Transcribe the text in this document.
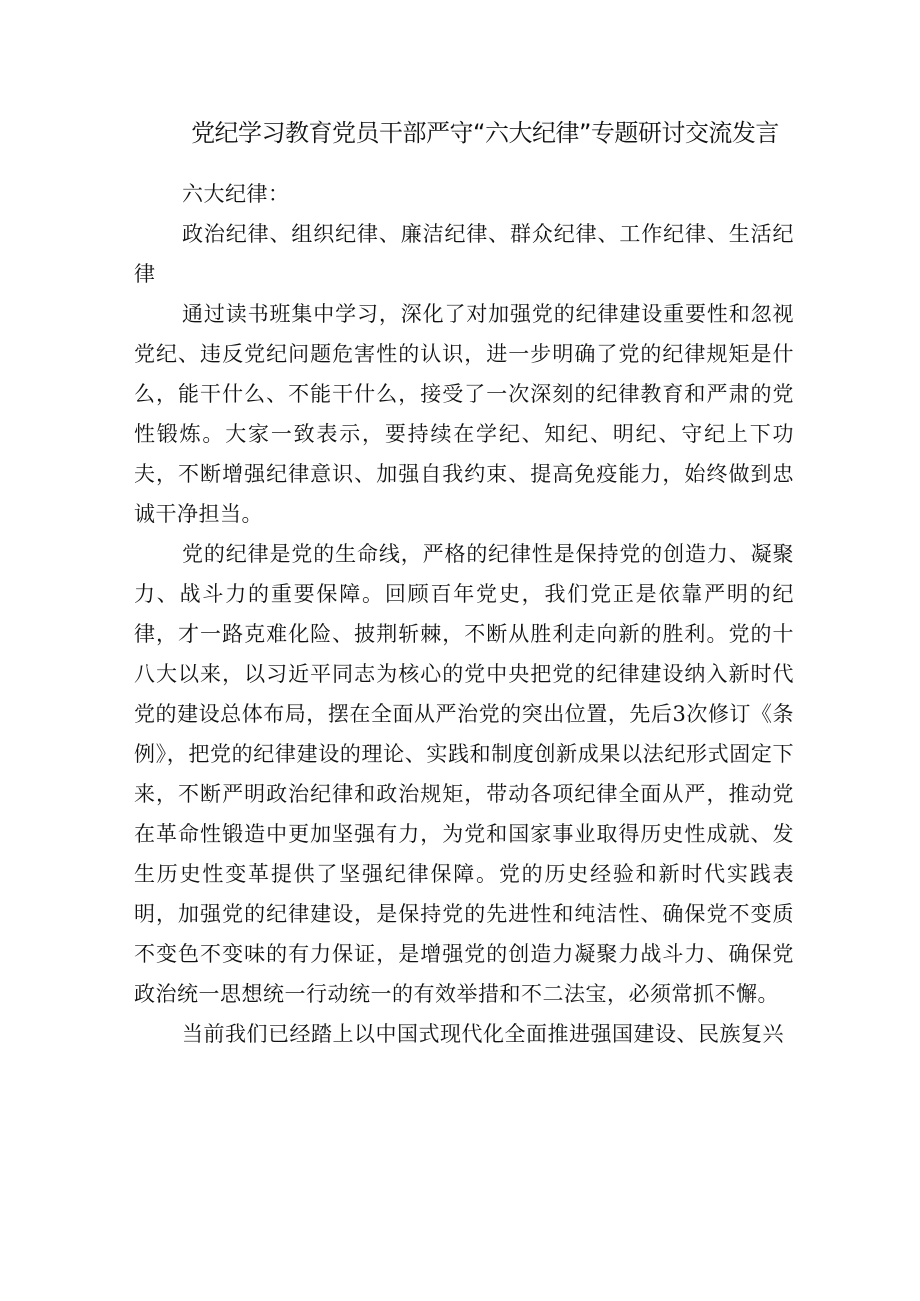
党纪学习教育党员干部严守“六大纪律”专题研讨交流发言

六大纪律：

政治纪律、组织纪律、廉洁纪律、群众纪律、工作纪律、生活纪律

通过读书班集中学习，深化了对加强党的纪律建设重要性和忽视党纪、违反党纪问题危害性的认识，进一步明确了党的纪律规矩是什么，能干什么、不能干什么，接受了一次深刻的纪律教育和严肃的党性锻炼。大家一致表示，要持续在学纪、知纪、明纪、守纪上下功夫，不断增强纪律意识、加强自我约束、提高免疫能力，始终做到忠诚干净担当。

党的纪律是党的生命线，严格的纪律性是保持党的创造力、凝聚力、战斗力的重要保障。回顾百年党史，我们党正是依靠严明的纪律，才一路克难化险、披荆斩棘，不断从胜利走向新的胜利。党的十八大以来，以习近平同志为核心的党中央把党的纪律建设纳入新时代党的建设总体布局，摆在全面从严治党的突出位置，先后3次修订《条例》，把党的纪律建设的理论、实践和制度创新成果以法纪形式固定下来，不断严明政治纪律和政治规矩，带动各项纪律全面从严，推动党在革命性锻造中更加坚强有力，为党和国家事业取得历史性成就、发生历史性变革提供了坚强纪律保障。党的历史经验和新时代实践表明，加强党的纪律建设，是保持党的先进性和纯洁性、确保党不变质不变色不变味的有力保证，是增强党的创造力凝聚力战斗力、确保党政治统一思想统一行动统一的有效举措和不二法宝，必须常抓不懈。

当前我们已经踏上以中国式现代化全面推进强国建设、民族复兴
